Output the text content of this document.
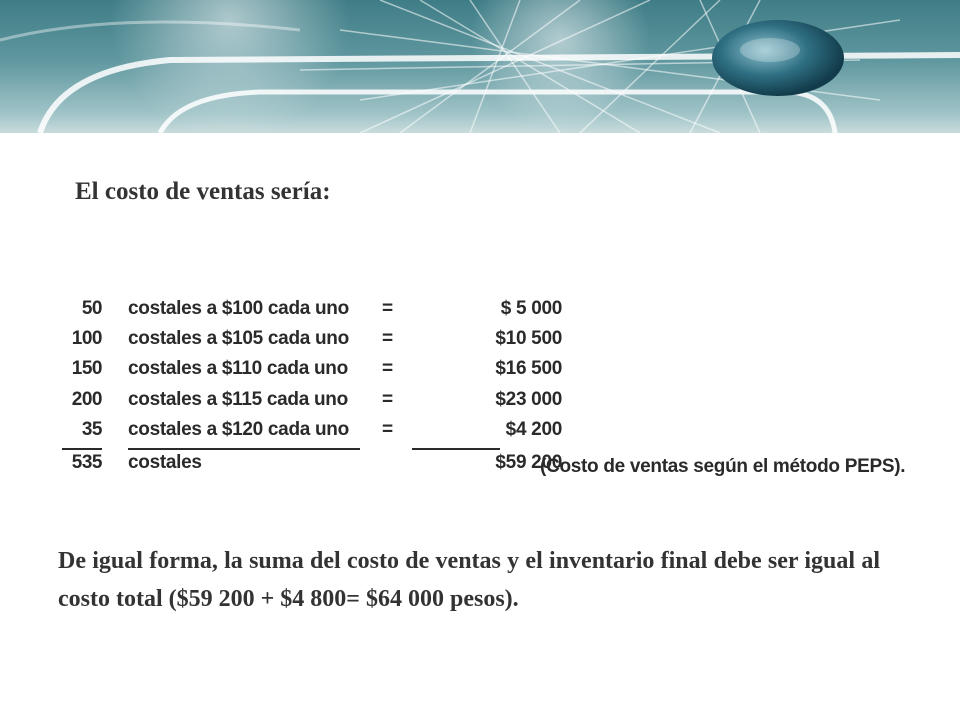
El costo de ventas sería:
50 costales a $100 cada uno =	$ 5 000
100 costales a $105 cada uno =	$10 500
150 costales a $110 cada uno =	$16 500
200 costales a $115 cada uno =	$23 000
35 costales a $120 cada uno =	$4 200
535 costales	$59 200
(Costo de ventas según el método PEPS).

De igual forma, la suma del costo de ventas y el inventario final debe ser igual al costo total ($59 200 + $4 800= $64 000 pesos).
